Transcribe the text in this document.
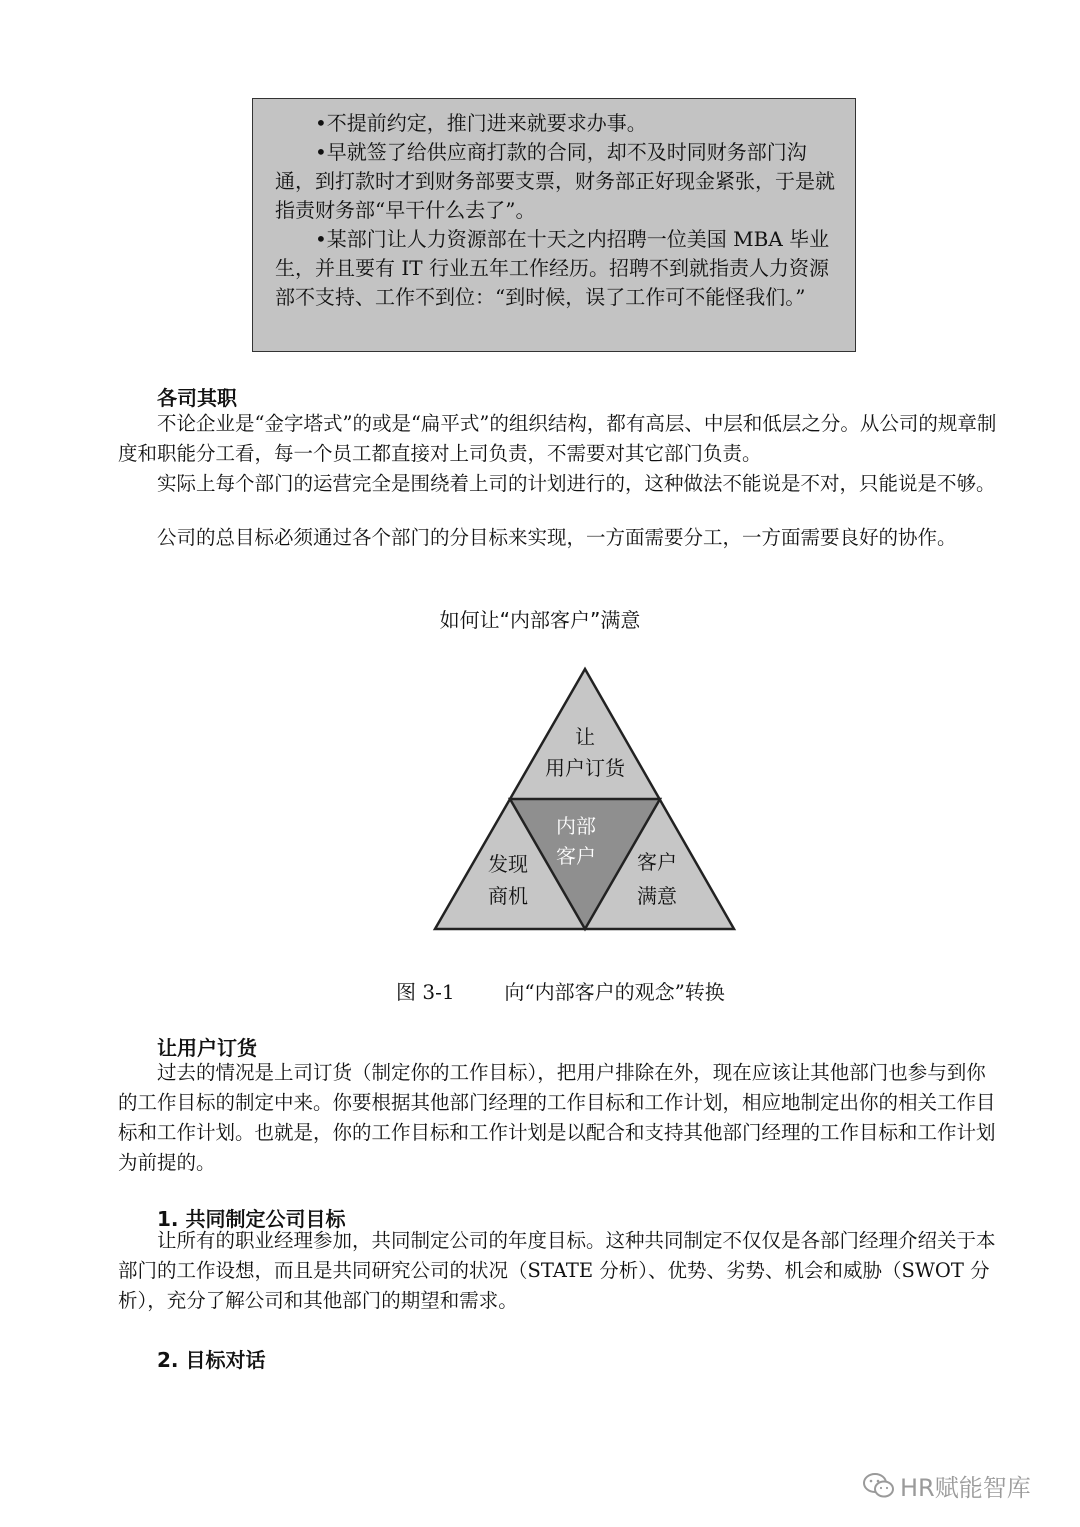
•不提前约定，推门进来就要求办事。

•早就签了给供应商打款的合同，却不及时同财务部门沟通，到打款时才到财务部要支票，财务部正好现金紧张，于是就指责财务部“早干什么去了”。

•某部门让人力资源部在十天之内招聘一位美国 MBA 毕业生，并且要有 IT 行业五年工作经历。招聘不到就指责人力资源部不支持、工作不到位：“到时候，误了工作可不能怪我们。”

各司其职

不论企业是“金字塔式”的或是“扁平式”的组织结构，都有高层、中层和低层之分。从公司的规章制度和职能分工看，每一个员工都直接对上司负责，不需要对其它部门负责。

实际上每个部门的运营完全是围绕着上司的计划进行的，这种做法不能说是不对，只能说是不够。

公司的总目标必须通过各个部门的分目标来实现，一方面需要分工，一方面需要良好的协作。

如何让“内部客户”满意
让
用户订货
内部
客户
发现
商机
客户
满意
图 3-1 向“内部客户的观念”转换
让用户订货

过去的情况是上司订货（制定你的工作目标），把用户排除在外，现在应该让其他部门也参与到你的工作目标的制定中来。你要根据其他部门经理的工作目标和工作计划，相应地制定出你的相关工作目标和工作计划。也就是，你的工作目标和工作计划是以配合和支持其他部门经理的工作目标和工作计划为前提的。

1. 共同制定公司目标

让所有的职业经理参加，共同制定公司的年度目标。这种共同制定不仅仅是各部门经理介绍关于本部门的工作设想，而且是共同研究公司的状况（STATE 分析）、优势、劣势、机会和威胁（SWOT 分析），充分了解公司和其他部门的期望和需求。

2. 目标对话
HR赋能智库
